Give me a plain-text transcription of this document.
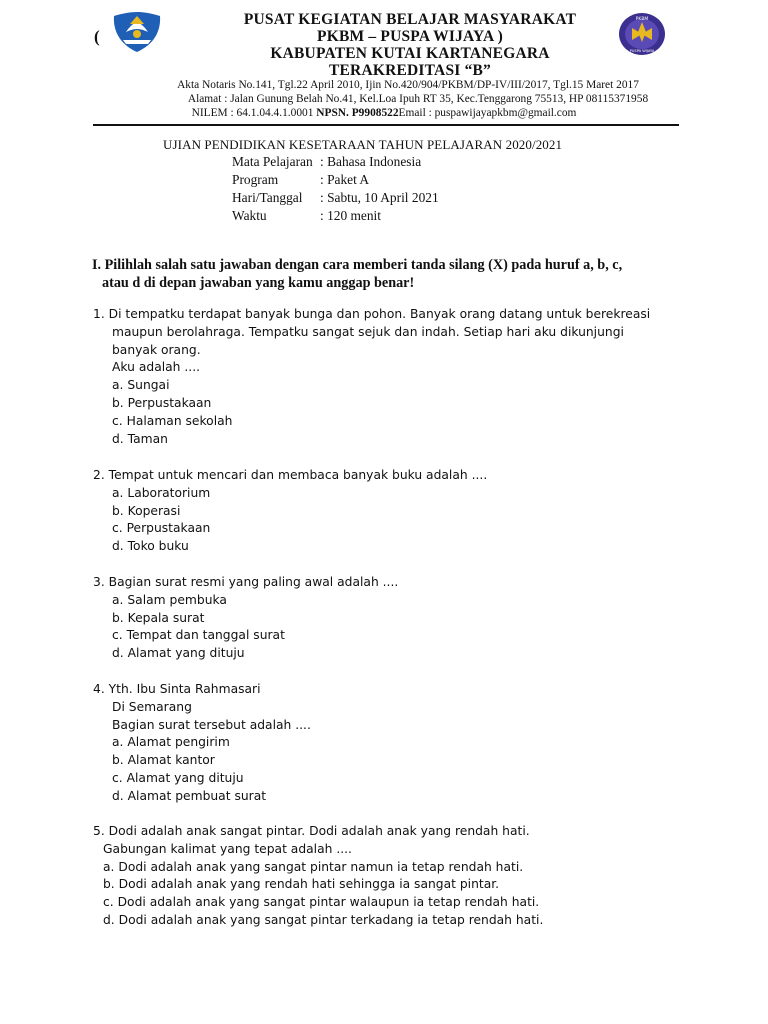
(
PKBM
PUSPA WIJAYA
PUSAT KEGIATAN BELAJAR MASYARAKAT
PKBM – PUSPA WIJAYA )
KABUPATEN KUTAI KARTANEGARA
TERAKREDITASI “B”
Akta Notaris No.141, Tgl.22 April 2010, Ijin No.420/904/PKBM/DP-IV/III/2017, Tgl.15 Maret 2017
Alamat : Jalan Gunung Belah No.41, Kel.Loa Ipuh RT 35, Kec.Tenggarong 75513, HP 08115371958
NILEM : 64.1.04.4.1.0001 NPSN. P9908522Email : puspawijayapkbm@gmail.com
UJIAN PENDIDIKAN KESETARAAN TAHUN PELAJARAN 2020/2021
Mata Pelajaran : Bahasa Indonesia
Program	: Paket A
Hari/Tanggal : Sabtu, 10 April 2021
Waktu	: 120 menit
I. Pilihlah salah satu jawaban dengan cara memberi tanda silang (X) pada huruf a, b, c,
atau d di depan jawaban yang kamu anggap benar!
1. Di tempatku terdapat banyak bunga dan pohon. Banyak orang datang untuk berekreasi
maupun berolahraga. Tempatku sangat sejuk dan indah. Setiap hari aku dikunjungi
banyak orang.
Aku adalah ....
a. Sungai
b. Perpustakaan
c. Halaman sekolah
d. Taman
2. Tempat untuk mencari dan membaca banyak buku adalah ....
a. Laboratorium
b. Koperasi
c. Perpustakaan
d. Toko buku
3. Bagian surat resmi yang paling awal adalah ....
a. Salam pembuka
b. Kepala surat
c. Tempat dan tanggal surat
d. Alamat yang dituju
4. Yth. Ibu Sinta Rahmasari
Di Semarang
Bagian surat tersebut adalah ....
a. Alamat pengirim
b. Alamat kantor
c. Alamat yang dituju
d. Alamat pembuat surat
5. Dodi adalah anak sangat pintar. Dodi adalah anak yang rendah hati.
Gabungan kalimat yang tepat adalah ....
a. Dodi adalah anak yang sangat pintar namun ia tetap rendah hati.
b. Dodi adalah anak yang rendah hati sehingga ia sangat pintar.
c. Dodi adalah anak yang sangat pintar walaupun ia tetap rendah hati.
d. Dodi adalah anak yang sangat pintar terkadang ia tetap rendah hati.
